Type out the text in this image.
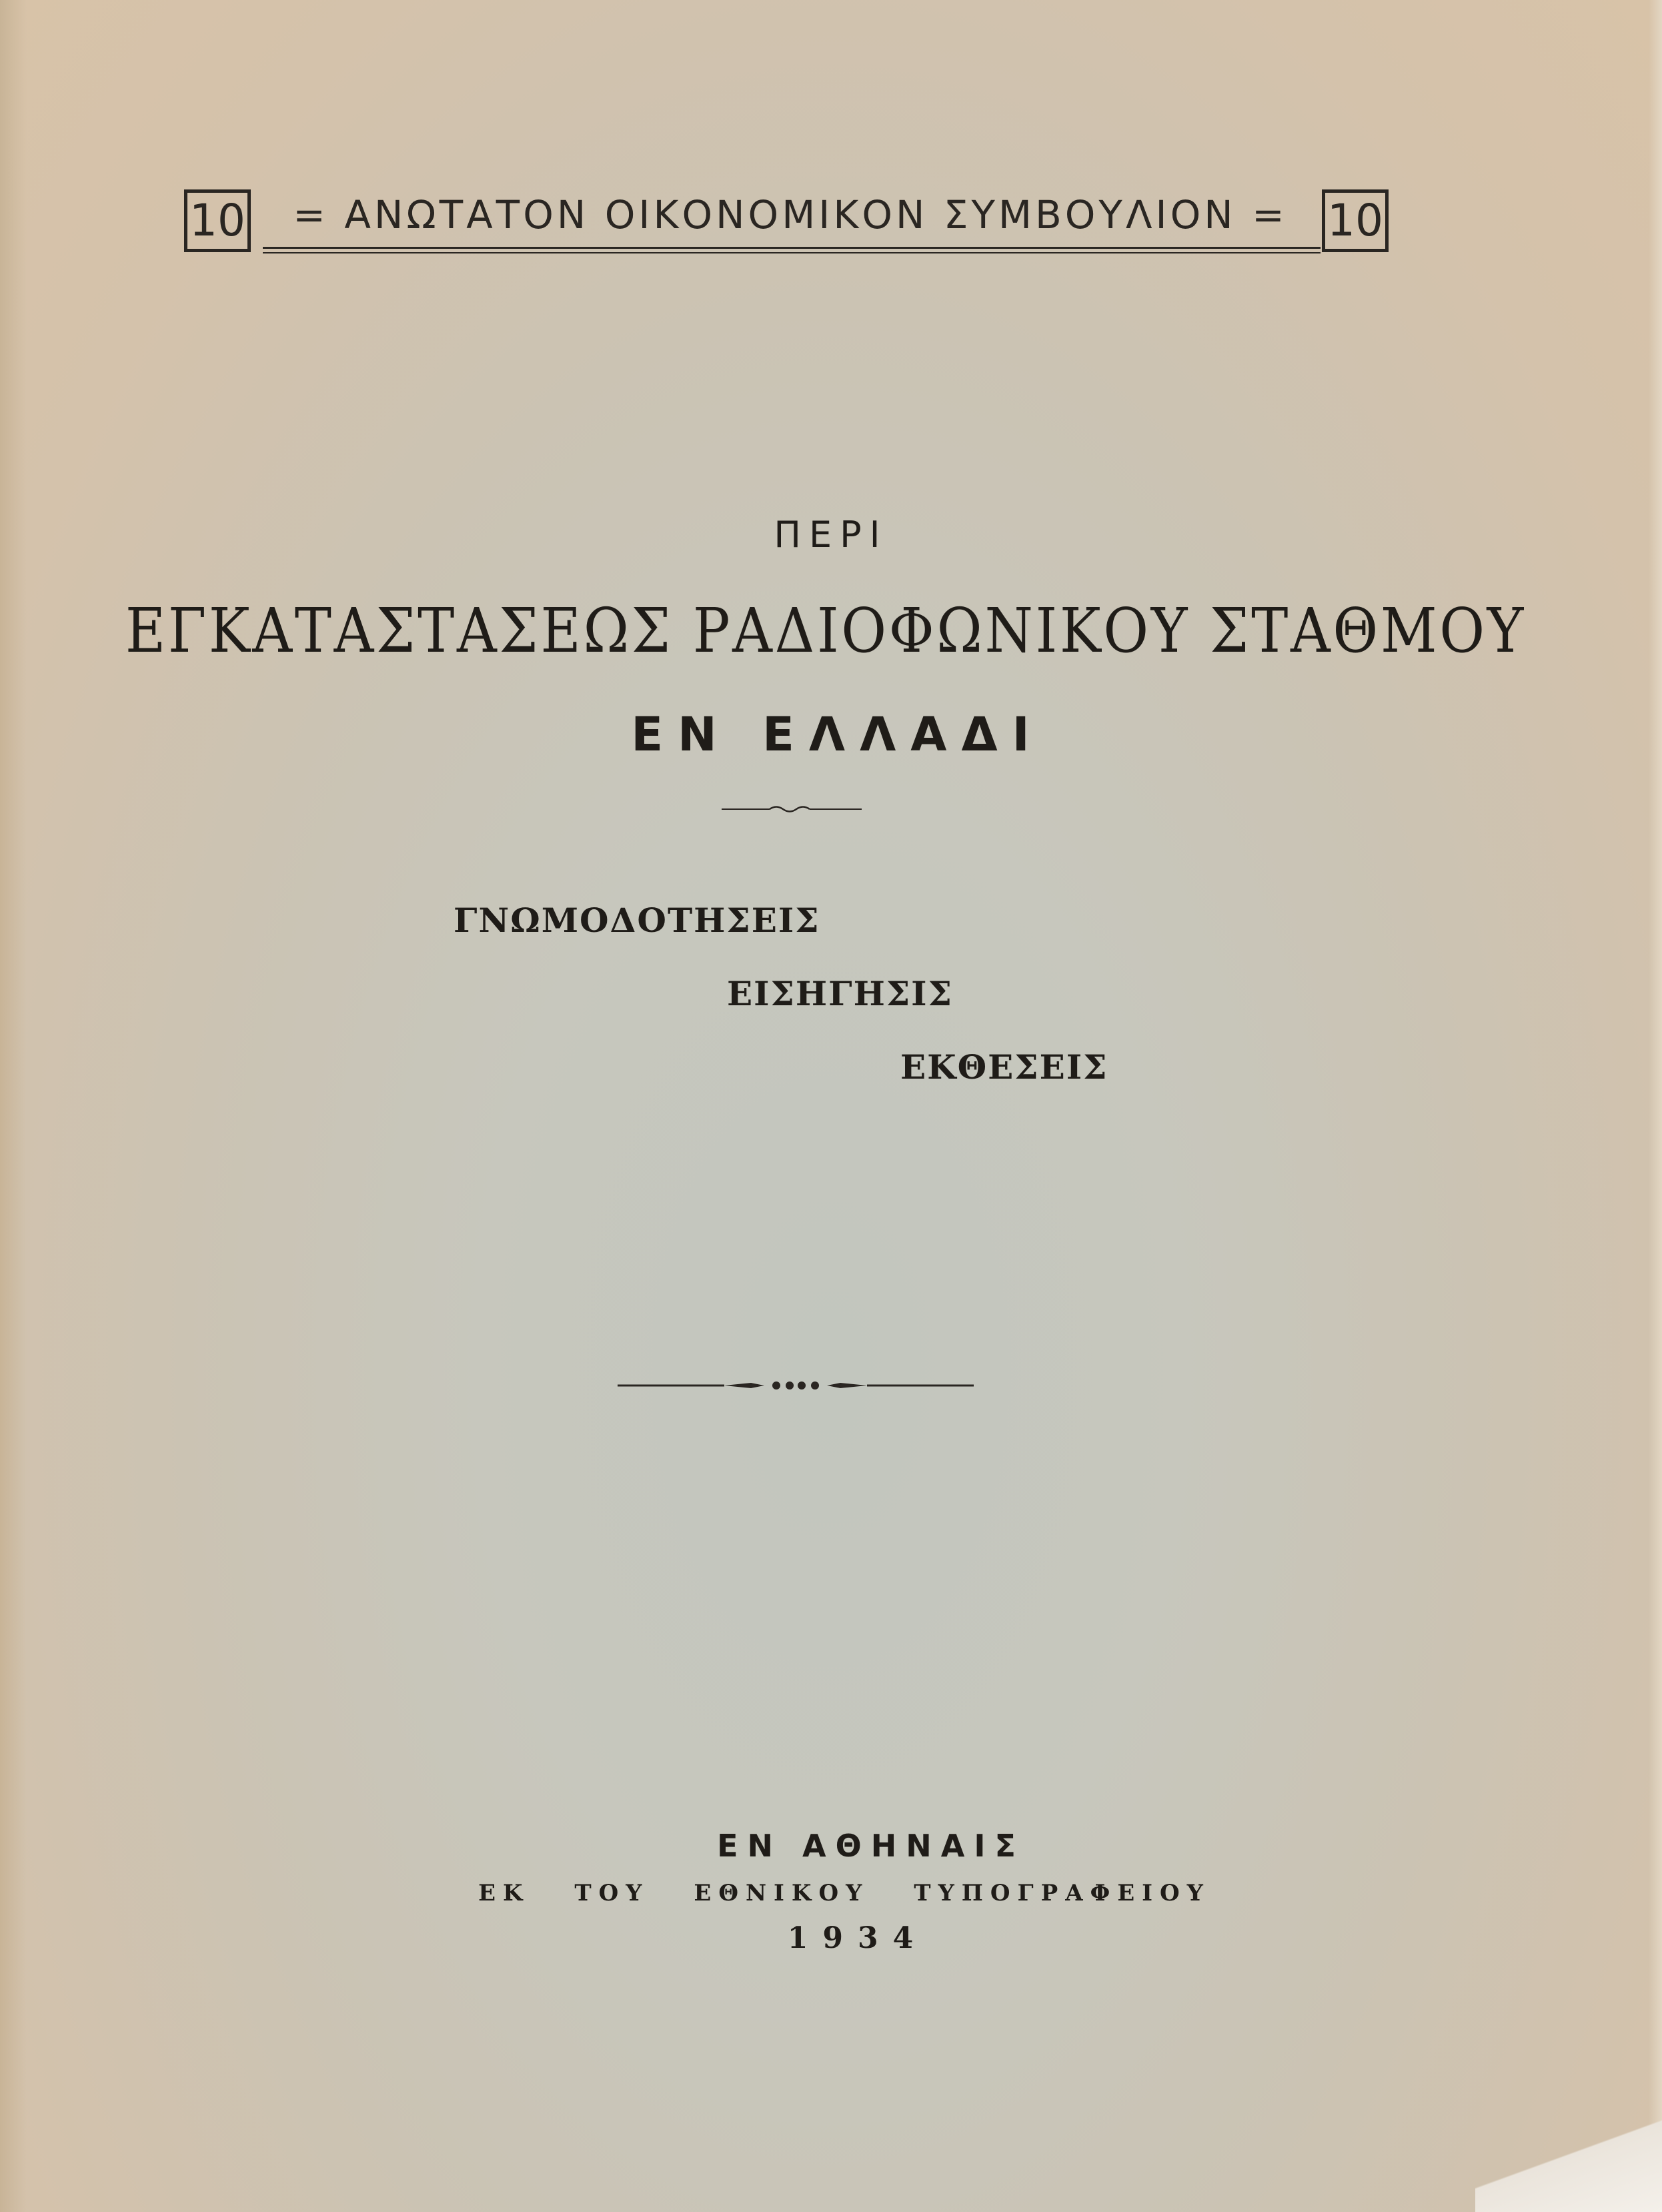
10	= ΑΝΩΤΑΤΟΝ ΟΙΚΟΝΟΜΙΚΟΝ ΣΥΜΒΟΥΛΙΟΝ = 10
ΠΕΡΙ
ΕΓΚΑΤΑΣΤΑΣΕΩΣ ΡΑΔΙΟΦΩΝΙΚΟΥ ΣΤΑΘΜΟΥ
ΕΝ ΕΛΛΑΔΙ
ΓΝΩΜΟΔΟΤΗΣΕΙΣ
ΕΙΣΗΓΗΣΙΣ
ΕΚΘΕΣΕΙΣ
ΕΝ ΑΘΗΝΑΙΣ
ΕΚ ΤΟΥ ΕΘΝΙΚΟΥ ΤΥΠΟΓΡΑΦΕΙΟΥ
1934
